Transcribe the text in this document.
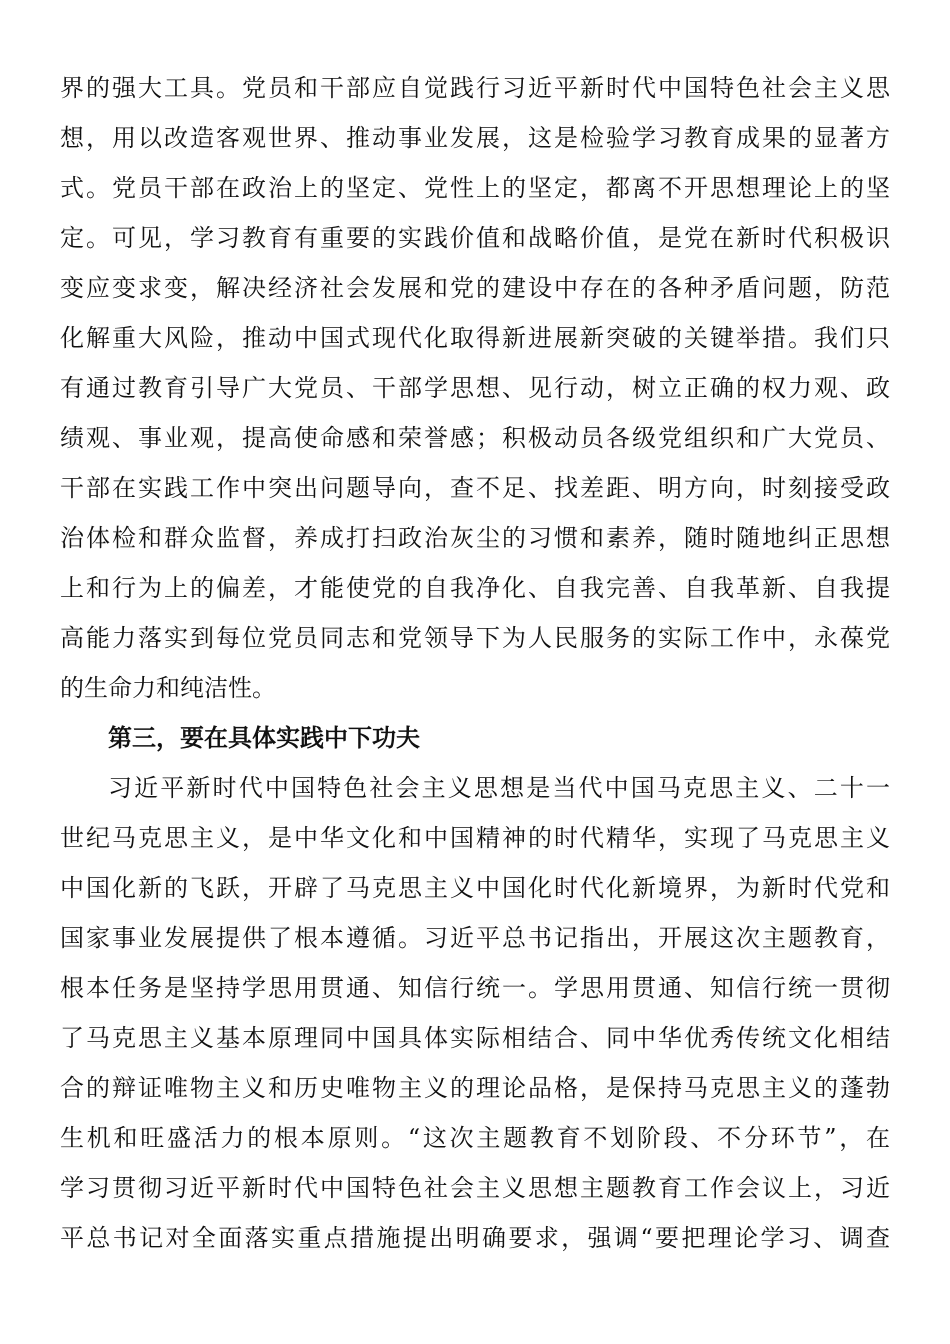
界的强大工具。党员和干部应自觉践行习近平新时代中国特色社会主义思
想，用以改造客观世界、推动事业发展，这是检验学习教育成果的显著方
式。党员干部在政治上的坚定、党性上的坚定，都离不开思想理论上的坚
定。可见，学习教育有重要的实践价值和战略价值，是党在新时代积极识
变应变求变，解决经济社会发展和党的建设中存在的各种矛盾问题，防范
化解重大风险，推动中国式现代化取得新进展新突破的关键举措。我们只
有通过教育引导广大党员、干部学思想、见行动，树立正确的权力观、政
绩观、事业观，提高使命感和荣誉感；积极动员各级党组织和广大党员、
干部在实践工作中突出问题导向，查不足、找差距、明方向，时刻接受政
治体检和群众监督，养成打扫政治灰尘的习惯和素养，随时随地纠正思想
上和行为上的偏差，才能使党的自我净化、自我完善、自我革新、自我提
高能力落实到每位党员同志和党领导下为人民服务的实际工作中，永葆党
的生命力和纯洁性。
第三，要在具体实践中下功夫
习近平新时代中国特色社会主义思想是当代中国马克思主义、二十一
世纪马克思主义，是中华文化和中国精神的时代精华，实现了马克思主义
中国化新的飞跃，开辟了马克思主义中国化时代化新境界，为新时代党和
国家事业发展提供了根本遵循。习近平总书记指出，开展这次主题教育，
根本任务是坚持学思用贯通、知信行统一。学思用贯通、知信行统一贯彻
了马克思主义基本原理同中国具体实际相结合、同中华优秀传统文化相结
合的辩证唯物主义和历史唯物主义的理论品格，是保持马克思主义的蓬勃
生机和旺盛活力的根本原则。“这次主题教育不划阶段、不分环节”，在
学习贯彻习近平新时代中国特色社会主义思想主题教育工作会议上，习近
平总书记对全面落实重点措施提出明确要求，强调“要把理论学习、调查
